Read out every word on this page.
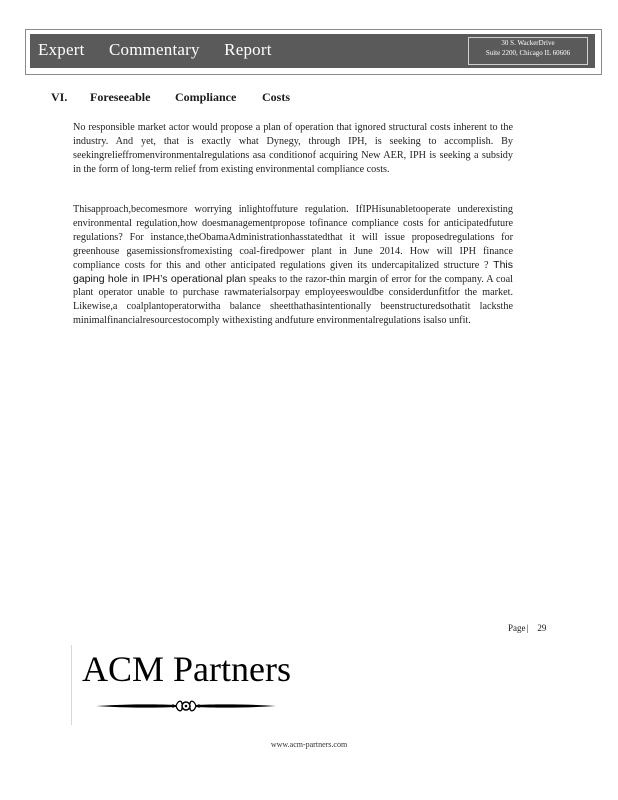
Expert Commentary Report	30 S. WackerDrive
Suite 2200, Chicago IL 60606
VI. Foreseeable Compliance Costs
No responsible market actor would propose a plan of operation that ignored structural costs inherent to the industry. And yet, that is exactly what Dynegy, through IPH, is seeking to accomplish. By seekingrelieffromenvironmentalregulations asa conditionof acquiring New AER, IPH is seeking a subsidy in the form of long-term relief from existing environmental compliance costs.
Thisapproach,becomesmore worrying inlightoffuture regulation. IfIPHisunabletooperate underexisting environmental regulation,how doesmanagementpropose tofinance compliance costs for anticipatedfuture regulations? For instance,theObamaAdministrationhasstatedthat it will issue proposedregulations for greenhouse gasemissionsfromexisting coal-firedpower plant in June 2014. How will IPH finance compliance costs for this and other anticipated regulations given its undercapitalized structure ? This gaping hole in IPH’s operational plan speaks to the razor-thin margin of error for the company. A coal plant operator unable to purchase rawmaterialsorpay employeeswouldbe considerdunfitfor the market. Likewise,a coalplantoperatorwitha balance sheetthathasintentionally beenstructuredsothatit lacksthe minimalfinancialresourcestocomply withexisting andfuture environmentalregulations isalso unfit.
Page| 29
ACM Partners
www.acm-partners.com
